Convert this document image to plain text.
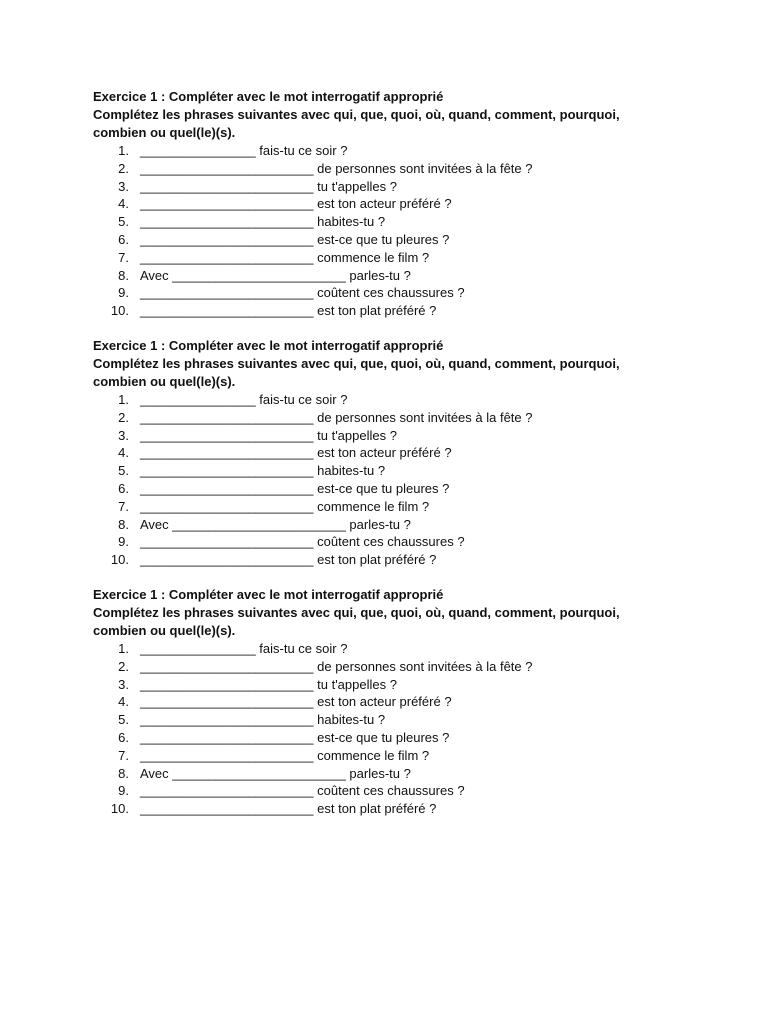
Exercice 1 : Compléter avec le mot interrogatif approprié

Complétez les phrases suivantes avec qui, que, quoi, où, quand, comment, pourquoi,

combien ou quel(le)(s).

1. ________________ fais-tu ce soir ?
2. ________________________ de personnes sont invitées à la fête ?
3. ________________________ tu t'appelles ?
4. ________________________ est ton acteur préféré ?
5. ________________________ habites-tu ?
6. ________________________ est-ce que tu pleures ?
7. ________________________ commence le film ?
8. Avec ________________________ parles-tu ?
9. ________________________ coûtent ces chaussures ?
10. ________________________ est ton plat préféré ?

Exercice 1 : Compléter avec le mot interrogatif approprié

Complétez les phrases suivantes avec qui, que, quoi, où, quand, comment, pourquoi,

combien ou quel(le)(s).

1. ________________ fais-tu ce soir ?
2. ________________________ de personnes sont invitées à la fête ?
3. ________________________ tu t'appelles ?
4. ________________________ est ton acteur préféré ?
5. ________________________ habites-tu ?
6. ________________________ est-ce que tu pleures ?
7. ________________________ commence le film ?
8. Avec ________________________ parles-tu ?
9. ________________________ coûtent ces chaussures ?
10. ________________________ est ton plat préféré ?

Exercice 1 : Compléter avec le mot interrogatif approprié

Complétez les phrases suivantes avec qui, que, quoi, où, quand, comment, pourquoi,

combien ou quel(le)(s).

1. ________________ fais-tu ce soir ?
2. ________________________ de personnes sont invitées à la fête ?
3. ________________________ tu t'appelles ?
4. ________________________ est ton acteur préféré ?
5. ________________________ habites-tu ?
6. ________________________ est-ce que tu pleures ?
7. ________________________ commence le film ?
8. Avec ________________________ parles-tu ?
9. ________________________ coûtent ces chaussures ?
10. ________________________ est ton plat préféré ?
